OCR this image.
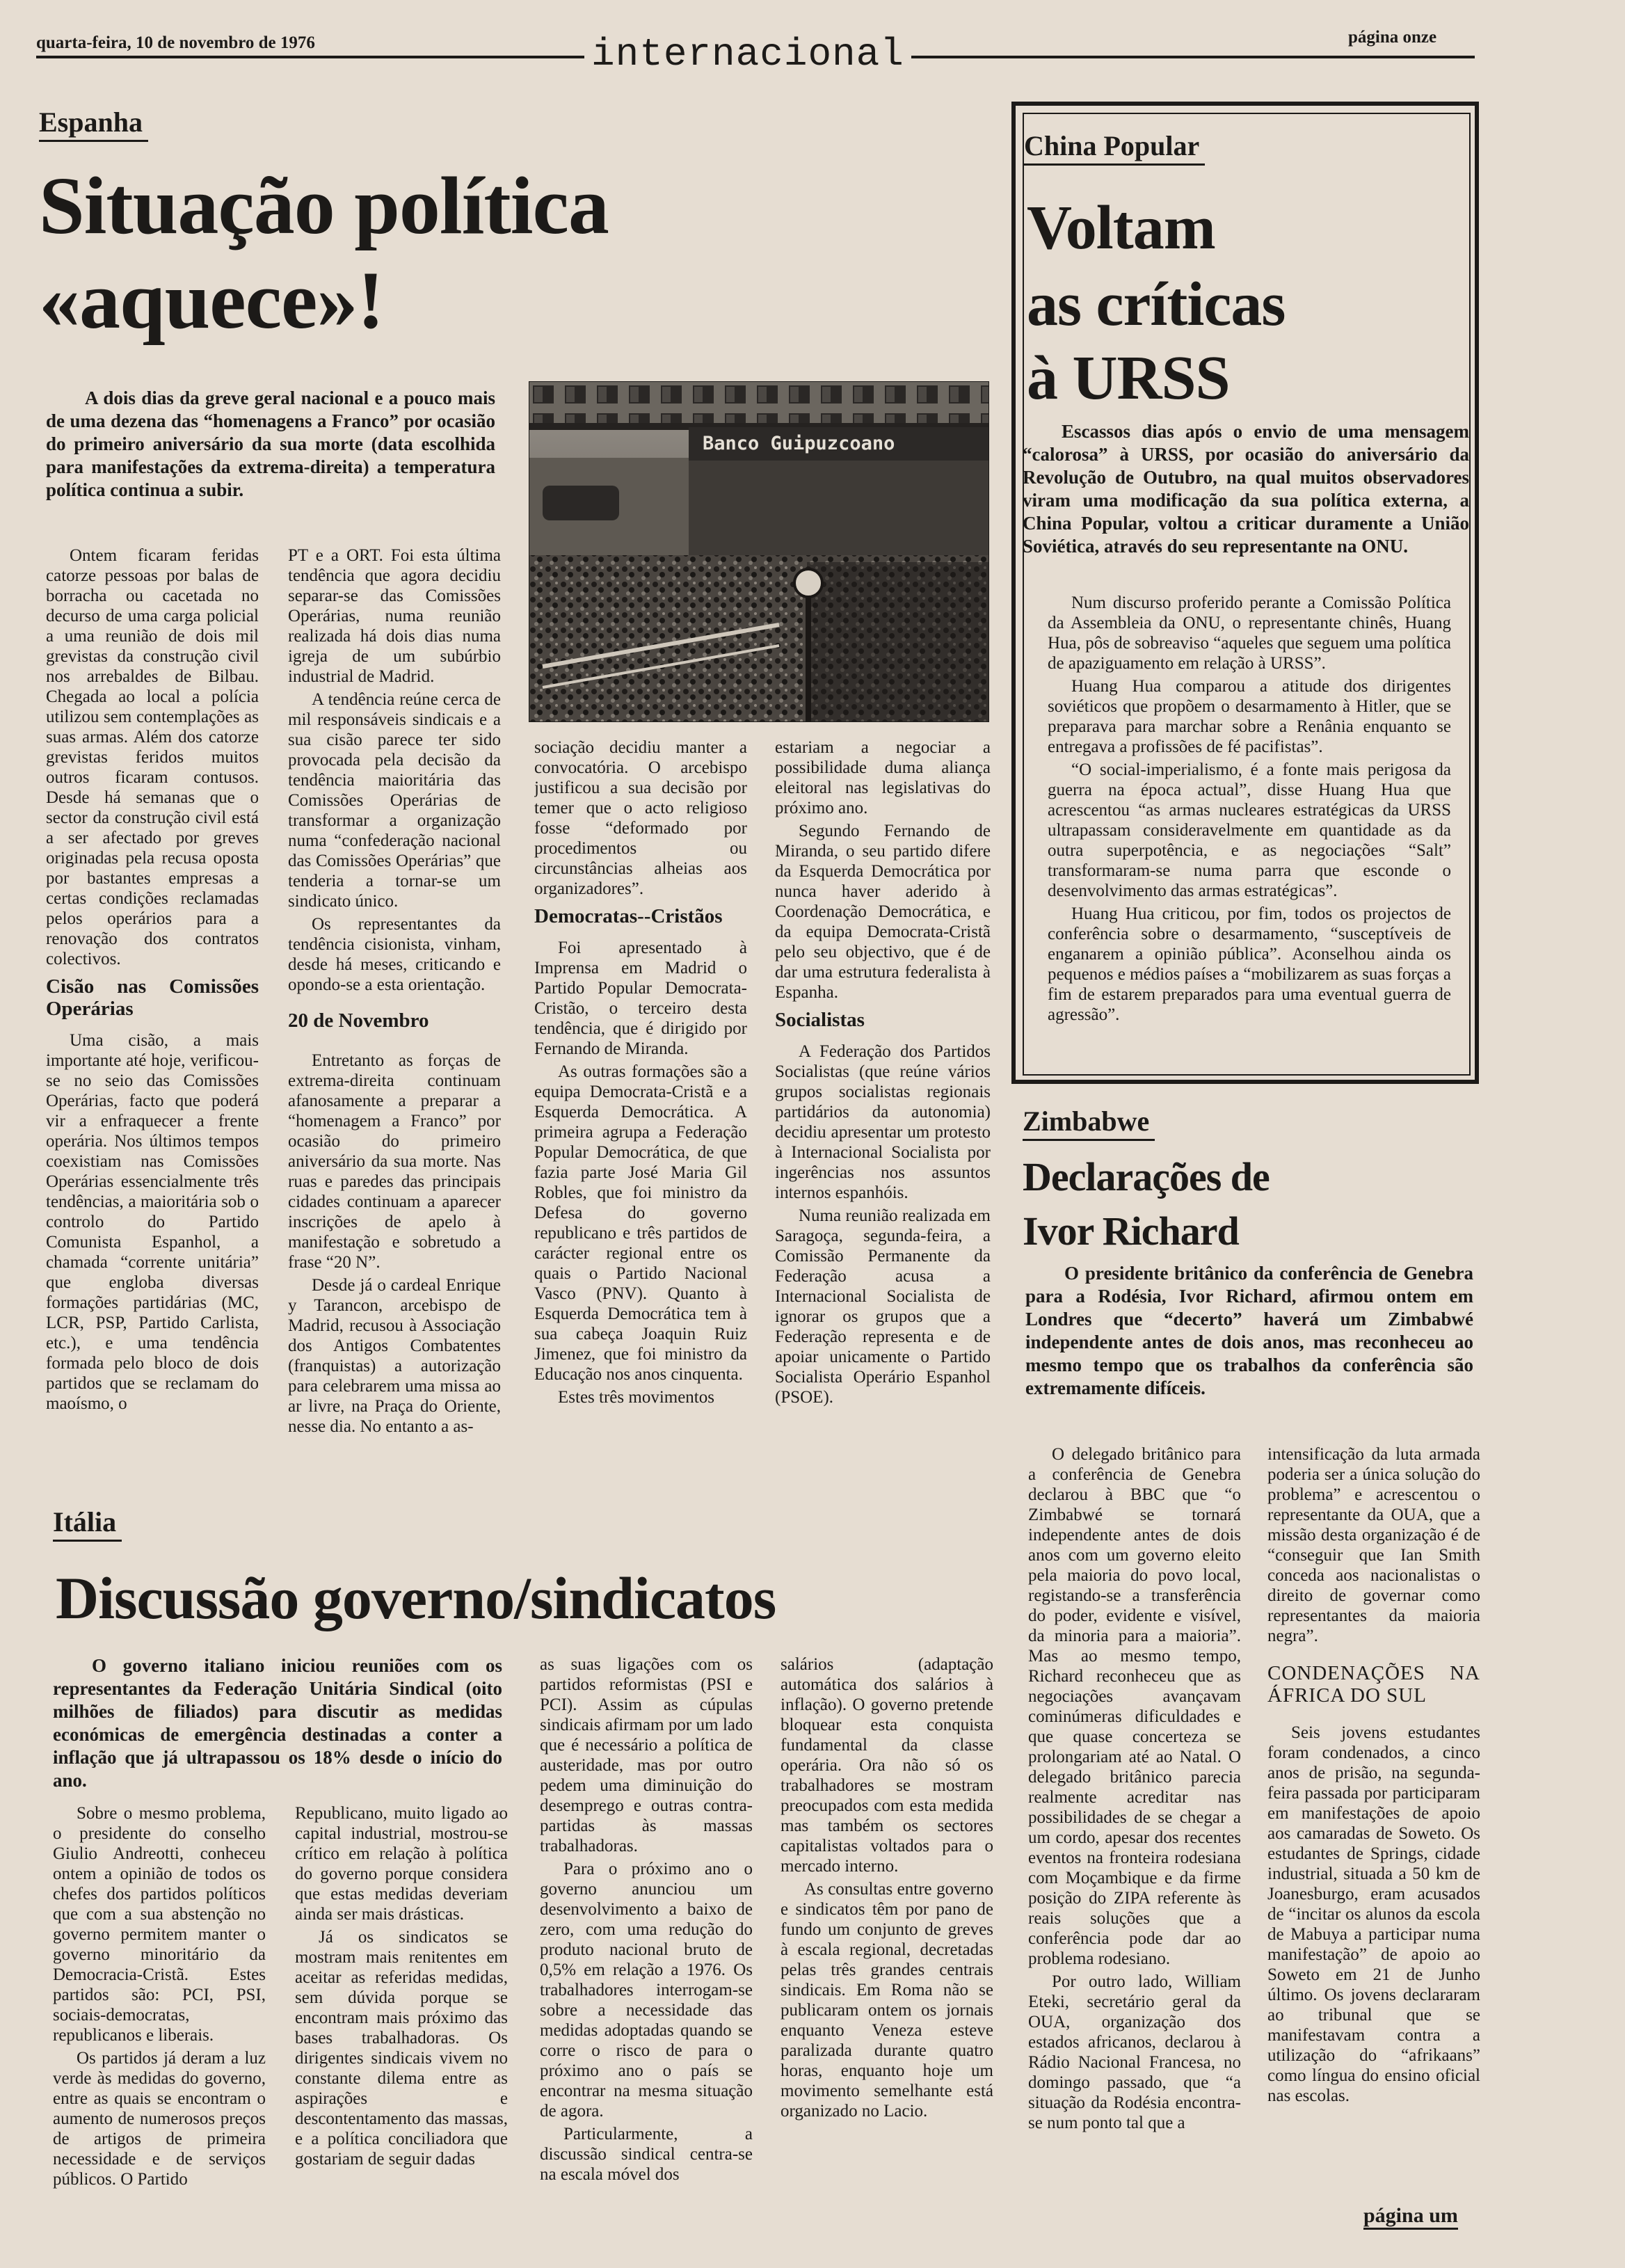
quarta-feira, 10 de novembro de 1976	internacional	página onze
Espanha
Situação política
«aquece»!
A dois dias da greve geral nacional e a pouco mais de uma dezena das “homenagens a Franco” por ocasião do primeiro aniversário da sua morte (data escolhida para manifestações da extrema-direita) a temperatura política continua a subir.
Banco Guipuzcoano

Ontem ficaram feridas catorze pessoas por balas de borracha ou cacetada no decurso de uma carga policial a uma reunião de dois mil grevistas da construção civil nos arrebaldes de Bilbau. Chegada ao local a polícia utilizou sem contemplações as suas armas. Além dos catorze grevistas feridos muitos outros ficaram contusos. Desde há semanas que o sector da construção civil está a ser afectado por greves originadas pela recusa oposta por bastantes empresas a certas condições reclamadas pelos operários para a renovação dos contratos colectivos.

Cisão nas Comissões Operárias

Uma cisão, a mais importante até hoje, verificou-se no seio das Comissões Operárias, facto que poderá vir a enfraquecer a frente operária. Nos últimos tempos coexistiam nas Comissões Operárias essencialmente três tendências, a maioritária sob o controlo do Partido Comunista Espanhol, a chamada “corrente unitária” que engloba diversas formações partidárias (MC, LCR, PSP, Partido Carlista, etc.), e uma tendência formada pelo bloco de dois partidos que se reclamam do maoísmo, o

PT e a ORT. Foi esta última tendência que agora decidiu separar-se das Comissões Operárias, numa reunião realizada há dois dias numa igreja de um subúrbio industrial de Madrid.

A tendência reúne cerca de mil responsáveis sindicais e a sua cisão parece ter sido provocada pela decisão da tendência maioritária das Comissões Operárias de transformar a organização numa “confederação nacional das Comissões Operárias” que tenderia a tornar-se um sindicato único.

Os representantes da tendência cisionista, vinham, desde há meses, criticando e opondo-se a esta orientação.

20 de Novembro

Entretanto as forças de extrema-direita continuam afanosamente a preparar a “homenagem a Franco” por ocasião do primeiro aniversário da sua morte. Nas ruas e paredes das principais cidades continuam a aparecer inscrições de apelo à manifestação e sobretudo a frase “20 N”.

Desde já o cardeal Enrique y Tarancon, arcebispo de Madrid, recusou à Associação dos Antigos Combatentes (franquistas) a autorização para celebrarem uma missa ao ar livre, na Praça do Oriente, nesse dia. No entanto a as-

sociação decidiu manter a convocatória. O arcebispo justificou a sua decisão por temer que o acto religioso fosse “deformado por procedimentos ou circunstâncias alheias aos organizadores”.

Democratas--Cristãos

Foi apresentado à Imprensa em Madrid o Partido Popular Democrata-Cristão, o terceiro desta tendência, que é dirigido por Fernando de Miranda.

As outras formações são a equipa Democrata-Cristã e a Esquerda Democrática. A primeira agrupa a Federação Popular Democrática, de que fazia parte José Maria Gil Robles, que foi ministro da Defesa do governo republicano e três partidos de carácter regional entre os quais o Partido Nacional Vasco (PNV). Quanto à Esquerda Democrática tem à sua cabeça Joaquin Ruiz Jimenez, que foi ministro da Educação nos anos cinquenta.

Estes três movimentos

estariam a negociar a possibilidade duma aliança eleitoral nas legislativas do próximo ano.

Segundo Fernando de Miranda, o seu partido difere da Esquerda Democrática por nunca haver aderido à Coordenação Democrática, e da equipa Democrata-Cristã pelo seu objectivo, que é de dar uma estrutura federalista à Espanha.

Socialistas

A Federação dos Partidos Socialistas (que reúne vários grupos socialistas regionais partidários da autonomia) decidiu apresentar um protesto à Internacional Socialista por ingerências nos assuntos internos espanhóis.

Numa reunião realizada em Saragoça, segunda-feira, a Comissão Permanente da Federação acusa a Internacional Socialista de ignorar os grupos que a Federação representa e de apoiar unicamente o Partido Socialista Operário Espanhol (PSOE).

China Popular
Voltam
as críticas
à URSS
Escassos dias após o envio de uma mensagem “calorosa” à URSS, por ocasião do aniversário da Revolução de Outubro, na qual muitos observadores viram uma modificação da sua política externa, a China Popular, voltou a criticar duramente a União Soviética, através do seu representante na ONU.

Num discurso proferido perante a Comissão Política da Assembleia da ONU, o representante chinês, Huang Hua, pôs de sobreaviso “aqueles que seguem uma política de apaziguamento em relação à URSS”.

Huang Hua comparou a atitude dos dirigentes soviéticos que propõem o desarmamento à Hitler, que se preparava para marchar sobre a Renânia enquanto se entregava a profissões de fé pacifistas”.

“O social-imperialismo, é a fonte mais perigosa da guerra na época actual”, disse Huang Hua que acrescentou “as armas nucleares estratégicas da URSS ultrapassam consideravelmente em quantidade as da outra superpotência, e as negociações “Salt” transformaram-se numa parra que esconde o desenvolvimento das armas estratégicas”.

Huang Hua criticou, por fim, todos os projectos de conferência sobre o desarmamento, “susceptíveis de enganarem a opinião pública”. Aconselhou ainda os pequenos e médios países a “mobilizarem as suas forças a fim de estarem preparados para uma eventual guerra de agressão”.

Zimbabwe
Declarações de
Ivor Richard
O presidente britânico da conferência de Genebra para a Rodésia, Ivor Richard, afirmou ontem em Londres que “decerto” haverá um Zimbabwé independente antes de dois anos, mas reconheceu ao mesmo tempo que os trabalhos da conferência são extremamente difíceis.

O delegado britânico para a conferência de Genebra declarou à BBC que “o Zimbabwé se tornará independente antes de dois anos com um governo eleito pela maioria do povo local, registando-se a transferência do poder, evidente e visível, da minoria para a maioria”. Mas ao mesmo tempo, Richard reconheceu que as negociações avançavam cominúmeras dificuldades e que quase concerteza se prolongariam até ao Natal. O delegado britânico parecia realmente acreditar nas possibilidades de se chegar a um cordo, apesar dos recentes eventos na fronteira rodesiana com Moçambique e da firme posição do ZIPA referente às reais soluções que a conferência pode dar ao problema rodesiano.

Por outro lado, William Eteki, secretário geral da OUA, organização dos estados africanos, declarou à Rádio Nacional Francesa, no domingo passado, que “a situação da Rodésia encontra-se num ponto tal que a

intensificação da luta armada poderia ser a única solução do problema” e acrescentou o representante da OUA, que a missão desta organização é de “conseguir que Ian Smith conceda aos nacionalistas o direito de governar como representantes da maioria negra”.

CONDENAÇÕES NA ÁFRICA DO SUL

Seis jovens estudantes foram condenados, a cinco anos de prisão, na segunda-feira passada por participaram em manifestações de apoio aos camaradas de Soweto. Os estudantes de Springs, cidade industrial, situada a 50 km de Joanesburgo, eram acusados de “incitar os alunos da escola de Mabuya a participar numa manifestação” de apoio ao Soweto em 21 de Junho último. Os jovens declararam ao tribunal que se manifestavam contra a utilização do “afrikaans” como língua do ensino oficial nas escolas.

Itália
Discussão governo/sindicatos
O governo italiano iniciou reuniões com os representantes da Federação Unitária Sindical (oito milhões de filiados) para discutir as medidas económicas de emergência destinadas a conter a inflação que já ultrapassou os 18% desde o início do ano.

Sobre o mesmo problema, o presidente do conselho Giulio Andreotti, conheceu ontem a opinião de todos os chefes dos partidos políticos que com a sua abstenção no governo permitem manter o governo minoritário da Democracia-Cristã. Estes partidos são: PCI, PSI, sociais-democratas, republicanos e liberais.

Os partidos já deram a luz verde às medidas do governo, entre as quais se encontram o aumento de numerosos preços de artigos de primeira necessidade e de serviços públicos. O Partido

Republicano, muito ligado ao capital industrial, mostrou-se crítico em relação à política do governo porque considera que estas medidas deveriam ainda ser mais drásticas.

Já os sindicatos se mostram mais renitentes em aceitar as referidas medidas, sem dúvida porque se encontram mais próximo das bases trabalhadoras. Os dirigentes sindicais vivem no constante dilema entre as aspirações e descontentamento das massas, e a política conciliadora que gostariam de seguir dadas

as suas ligações com os partidos reformistas (PSI e PCI). Assim as cúpulas sindicais afirmam por um lado que é necessário a política de austeridade, mas por outro pedem uma diminuição do desemprego e outras contra-partidas às massas trabalhadoras.

Para o próximo ano o governo anunciou um desenvolvimento a baixo de zero, com uma redução do produto nacional bruto de 0,5% em relação a 1976. Os trabalhadores interrogam-se sobre a necessidade das medidas adoptadas quando se corre o risco de para o próximo ano o país se encontrar na mesma situação de agora.

Particularmente, a discussão sindical centra-se na escala móvel dos

salários (adaptação automática dos salários à inflação). O governo pretende bloquear esta conquista fundamental da classe operária. Ora não só os trabalhadores se mostram preocupados com esta medida mas também os sectores capitalistas voltados para o mercado interno.

As consultas entre governo e sindicatos têm por pano de fundo um conjunto de greves à escala regional, decretadas pelas três grandes centrais sindicais. Em Roma não se publicaram ontem os jornais enquanto Veneza esteve paralizada durante quatro horas, enquanto hoje um movimento semelhante está organizado no Lacio.

página um
